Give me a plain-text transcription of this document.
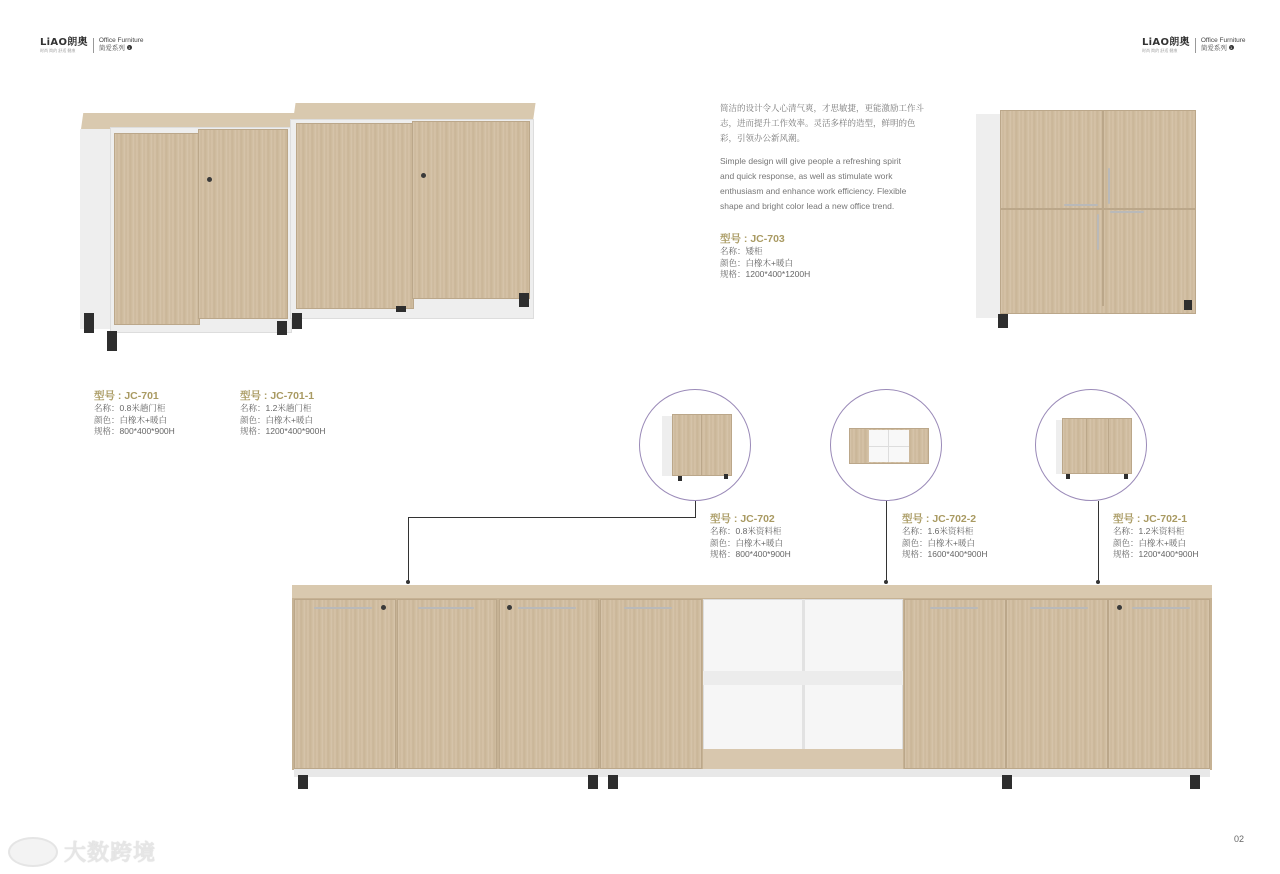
LiAO朗奥
时尚 简约 舒适 健康
Office Furniture
简爱系列 1	LiAO朗奥
时尚 简约 舒适 健康
Office Furniture
简爱系列 1
型号 : JC-701
名称：0.8米趟门柜
颜色：白橡木+暖白
规格：800*400*900H
型号 : JC-701-1
名称：1.2米趟门柜
颜色：白橡木+暖白
规格：1200*400*900H
简洁的设计令人心清气爽，才思敏捷，更能激励工作斗
志，进而提升工作效率。灵活多样的造型，鲜明的色
彩，引领办公新风潮。
Simple design will give people a refreshing spirit
and quick response, as well as stimulate work
enthusiasm and enhance work efficiency. Flexible
shape and bright color lead a new office trend.
型号 : JC-703
名称：矮柜
颜色：白橡木+暖白
规格：1200*400*1200H
型号 : JC-702
名称：0.8米资料柜
颜色：白橡木+暖白
规格：800*400*900H
型号 : JC-702-2
名称：1.6米资料柜
颜色：白橡木+暖白
规格：1600*400*900H
型号 : JC-702-1
名称：1.2米资料柜
颜色：白橡木+暖白
规格：1200*400*900H
大数跨境
02
